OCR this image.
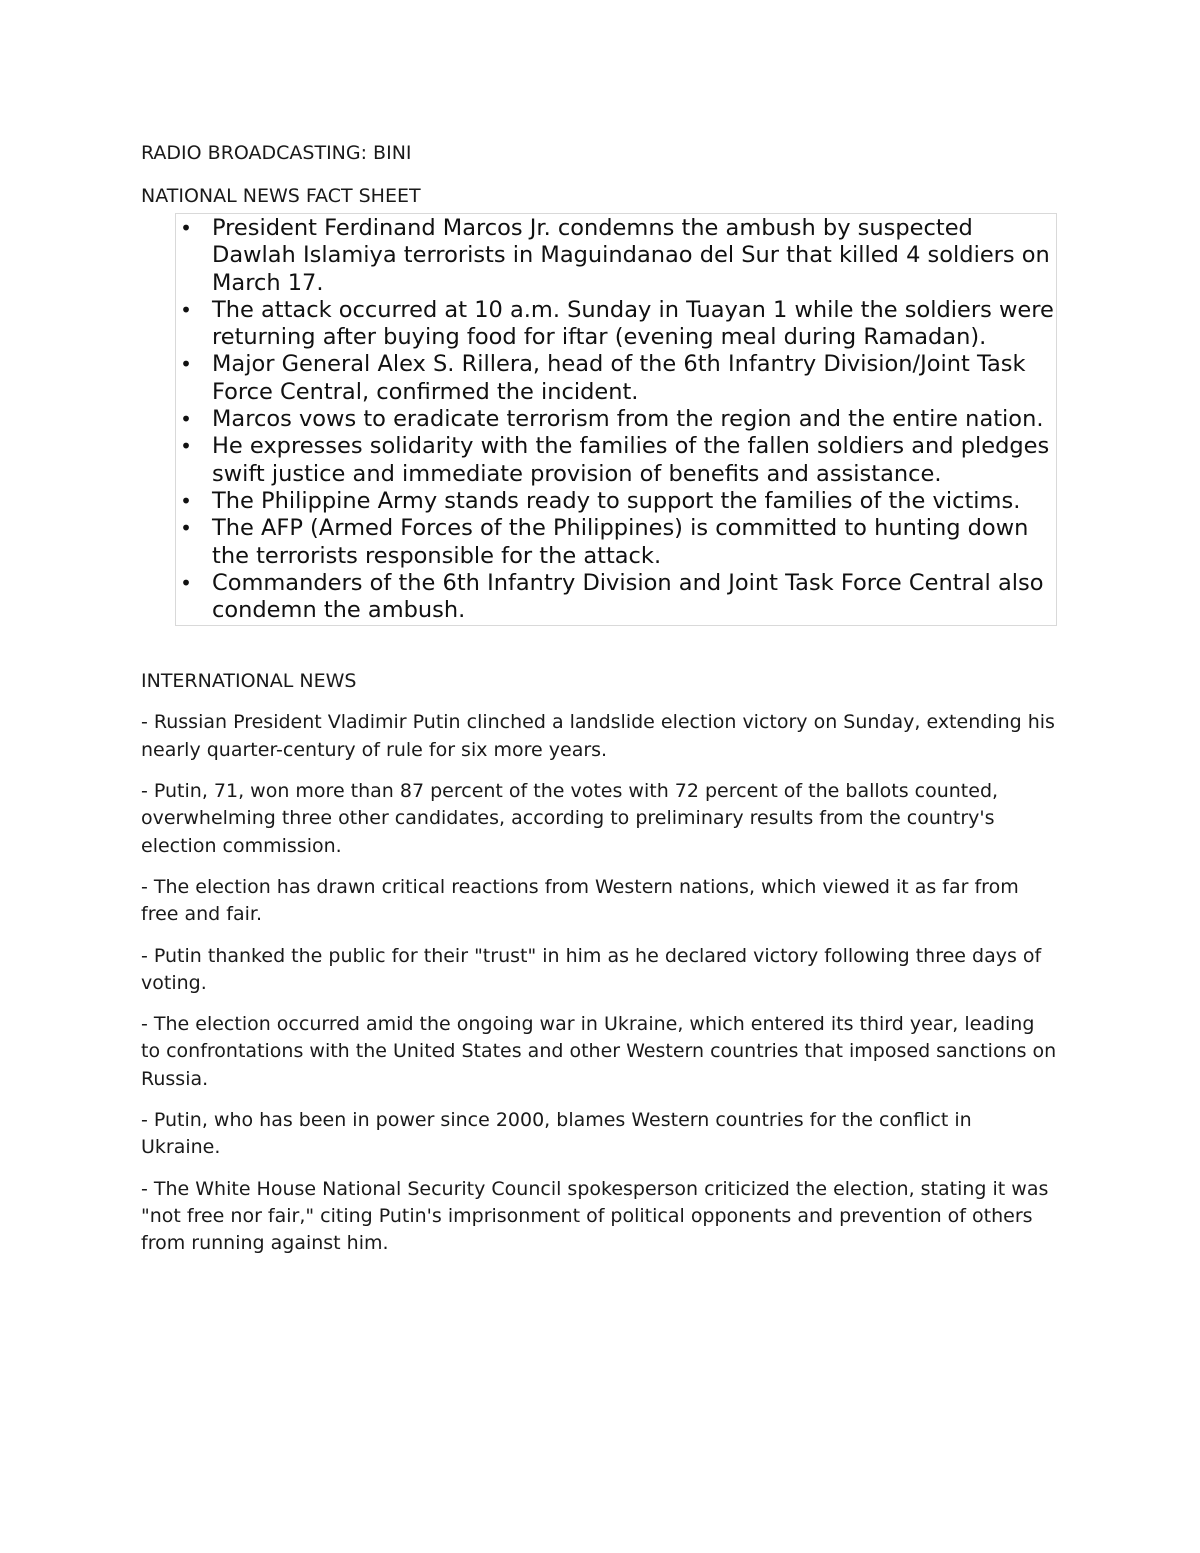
RADIO BROADCASTING: BINI

NATIONAL NEWS FACT SHEET

• President Ferdinand Marcos Jr. condemns the ambush by suspected Dawlah Islamiya terrorists in Maguindanao del Sur that killed 4 soldiers on March 17.
• The attack occurred at 10 a.m. Sunday in Tuayan 1 while the soldiers were returning after buying food for iftar (evening meal during Ramadan).
• Major General Alex S. Rillera, head of the 6th Infantry Division/Joint Task Force Central, confirmed the incident.
• Marcos vows to eradicate terrorism from the region and the entire nation.
• He expresses solidarity with the families of the fallen soldiers and pledges swift justice and immediate provision of benefits and assistance.
• The Philippine Army stands ready to support the families of the victims.
• The AFP (Armed Forces of the Philippines) is committed to hunting down the terrorists responsible for the attack.
• Commanders of the 6th Infantry Division and Joint Task Force Central also condemn the ambush.

INTERNATIONAL NEWS

- Russian President Vladimir Putin clinched a landslide election victory on Sunday, extending his nearly quarter-century of rule for six more years.

- Putin, 71, won more than 87 percent of the votes with 72 percent of the ballots counted, overwhelming three other candidates, according to preliminary results from the country's election commission.

- The election has drawn critical reactions from Western nations, which viewed it as far from free and fair.

- Putin thanked the public for their "trust" in him as he declared victory following three days of voting.

- The election occurred amid the ongoing war in Ukraine, which entered its third year, leading to confrontations with the United States and other Western countries that imposed sanctions on Russia.

- Putin, who has been in power since 2000, blames Western countries for the conflict in Ukraine.

- The White House National Security Council spokesperson criticized the election, stating it was "not free nor fair," citing Putin's imprisonment of political opponents and prevention of others from running against him.
